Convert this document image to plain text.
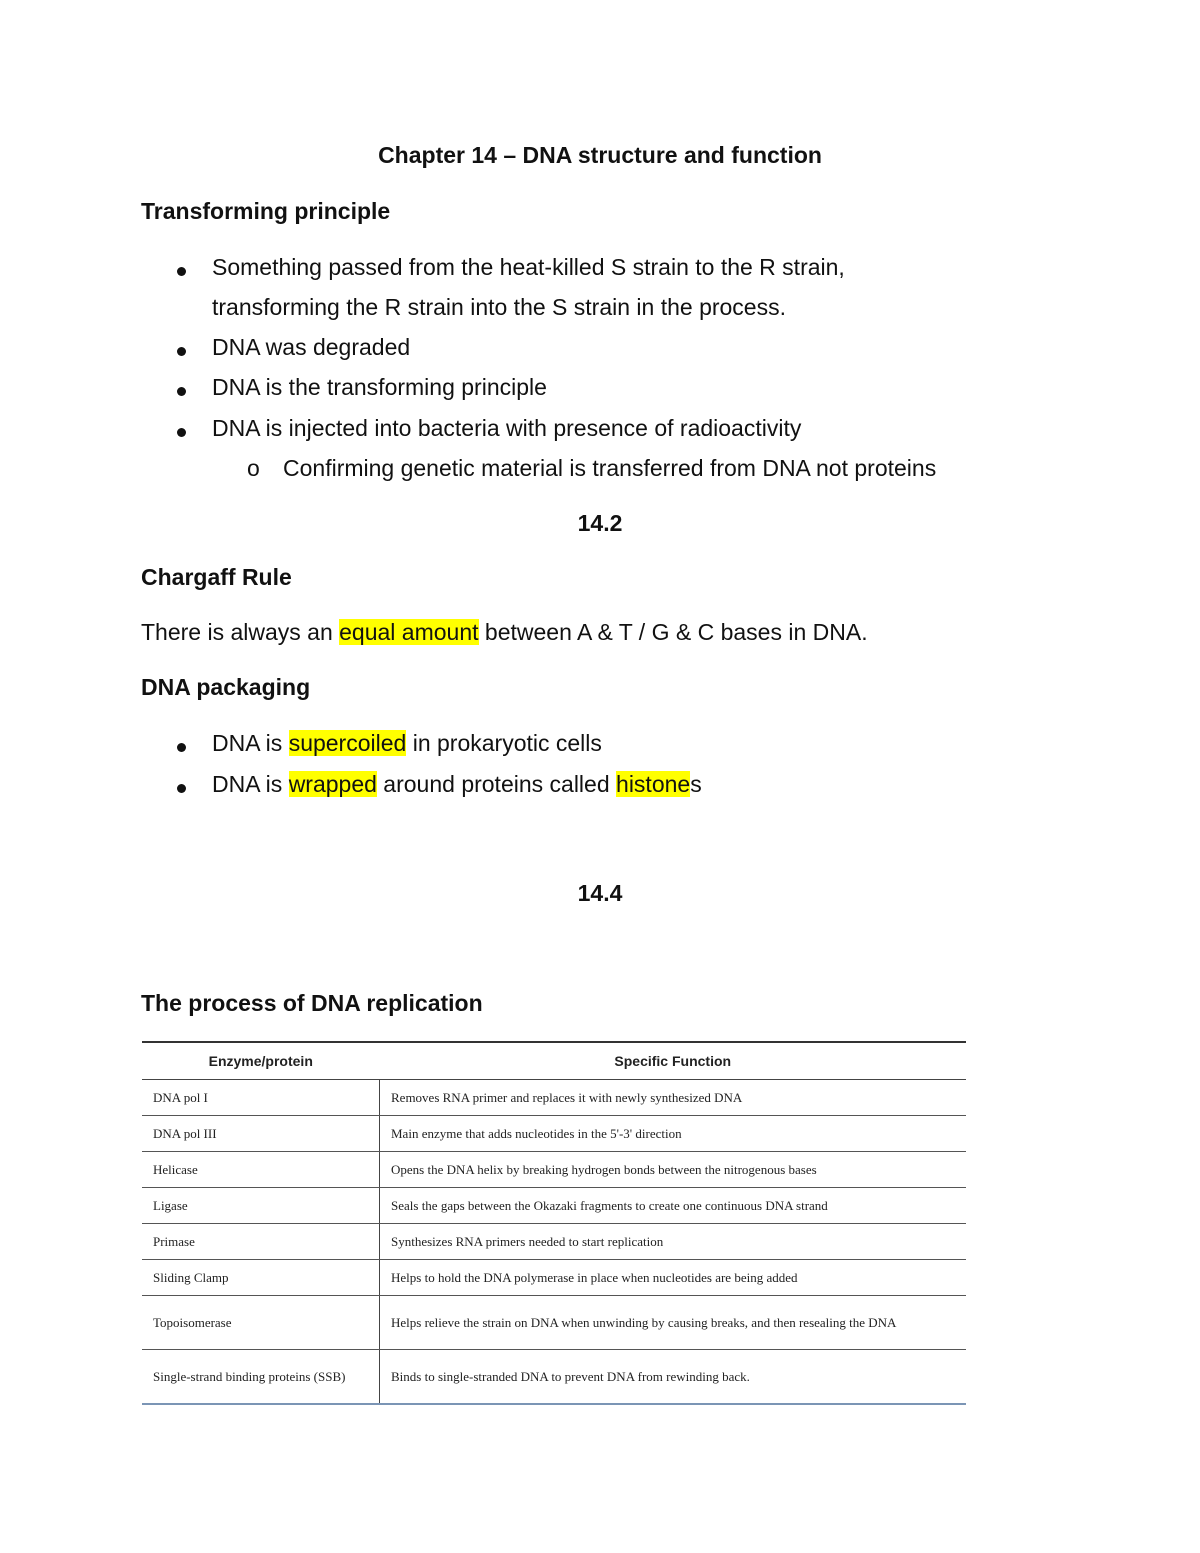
Chapter 14 – DNA structure and function
Transforming principle
Something passed from the heat-killed S strain to the R strain,
transforming the R strain into the S strain in the process.
DNA was degraded
DNA is the transforming principle
DNA is injected into bacteria with presence of radioactivity
o Confirming genetic material is transferred from DNA not proteins
14.2
Chargaff Rule
There is always an equal amount between A & T / G & C bases in DNA.
DNA packaging
DNA is supercoiled in prokaryotic cells
DNA is wrapped around proteins called histones
14.4
The process of DNA replication
Enzyme/protein	Specific Function
DNA pol I	Removes RNA primer and replaces it with newly synthesized DNA
DNA pol III	Main enzyme that adds nucleotides in the 5'-3' direction
Helicase	Opens the DNA helix by breaking hydrogen bonds between the nitrogenous bases
Ligase	Seals the gaps between the Okazaki fragments to create one continuous DNA strand
Primase	Synthesizes RNA primers needed to start replication
Sliding Clamp	Helps to hold the DNA polymerase in place when nucleotides are being added
Topoisomerase	Helps relieve the strain on DNA when unwinding by causing breaks, and then resealing the DNA
Single-strand binding proteins (SSB)	Binds to single-stranded DNA to prevent DNA from rewinding back.
